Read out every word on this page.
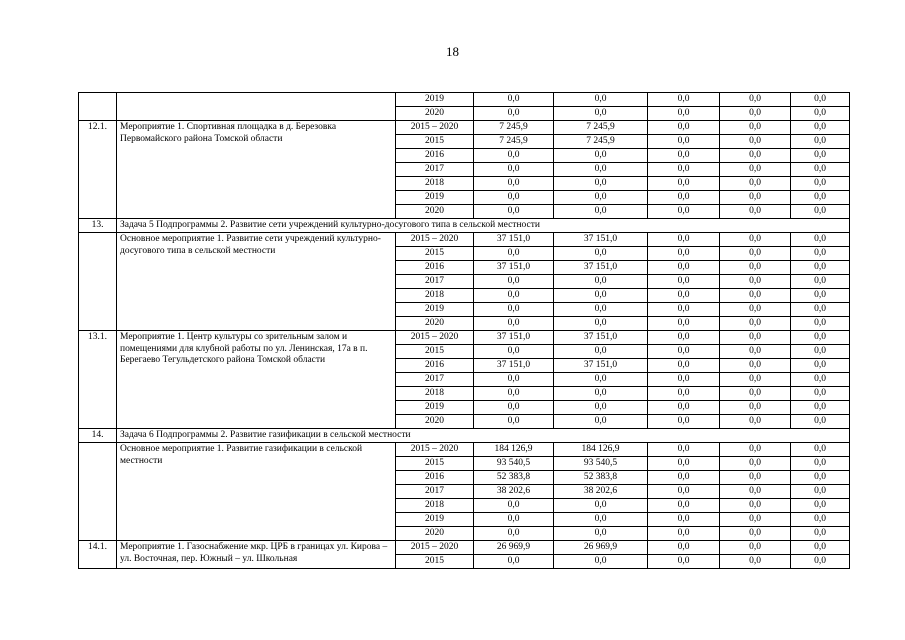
18
		2019	0,0	0,0	0,0	0,0	0,0
		2020	0,0	0,0	0,0	0,0	0,0
12.1.	Мероприятие 1. Спортивная площадка в д. Березовка Первомайского района Томской области	2015 – 2020	7 245,9	7 245,9	0,0	0,0	0,0
		2015	7 245,9	7 245,9	0,0	0,0	0,0
		2016	0,0	0,0	0,0	0,0	0,0
		2017	0,0	0,0	0,0	0,0	0,0
		2018	0,0	0,0	0,0	0,0	0,0
		2019	0,0	0,0	0,0	0,0	0,0
		2020	0,0	0,0	0,0	0,0	0,0
13.	Задача 5 Подпрограммы 2. Развитие сети учреждений культурно-досугового типа в сельской местности						
	Основное мероприятие 1. Развитие сети учреждений культурно-досугового типа в сельской местности	2015 – 2020	37 151,0	37 151,0	0,0	0,0	0,0
		2015	0,0	0,0	0,0	0,0	0,0
		2016	37 151,0	37 151,0	0,0	0,0	0,0
		2017	0,0	0,0	0,0	0,0	0,0
		2018	0,0	0,0	0,0	0,0	0,0
		2019	0,0	0,0	0,0	0,0	0,0
		2020	0,0	0,0	0,0	0,0	0,0
13.1.	Мероприятие 1. Центр культуры со зрительным залом и помещениями для клубной работы по ул. Ленинская, 17а в п. Берегаево Тегульдетского района Томской области	2015 – 2020	37 151,0	37 151,0	0,0	0,0	0,0
		2015	0,0	0,0	0,0	0,0	0,0
		2016	37 151,0	37 151,0	0,0	0,0	0,0
		2017	0,0	0,0	0,0	0,0	0,0
		2018	0,0	0,0	0,0	0,0	0,0
		2019	0,0	0,0	0,0	0,0	0,0
		2020	0,0	0,0	0,0	0,0	0,0
14.	Задача 6 Подпрограммы 2. Развитие газификации в сельской местности						
	Основное мероприятие 1. Развитие газификации в сельской местности	2015 – 2020	184 126,9	184 126,9	0,0	0,0	0,0
		2015	93 540,5	93 540,5	0,0	0,0	0,0
		2016	52 383,8	52 383,8	0,0	0,0	0,0
		2017	38 202,6	38 202,6	0,0	0,0	0,0
		2018	0,0	0,0	0,0	0,0	0,0
		2019	0,0	0,0	0,0	0,0	0,0
		2020	0,0	0,0	0,0	0,0	0,0
14.1.	Мероприятие 1. Газоснабжение мкр. ЦРБ в границах ул. Кирова – ул. Восточная, пер. Южный – ул. Школьная	2015 – 2020	26 969,9	26 969,9	0,0	0,0	0,0
		2015	0,0	0,0	0,0	0,0	0,0
